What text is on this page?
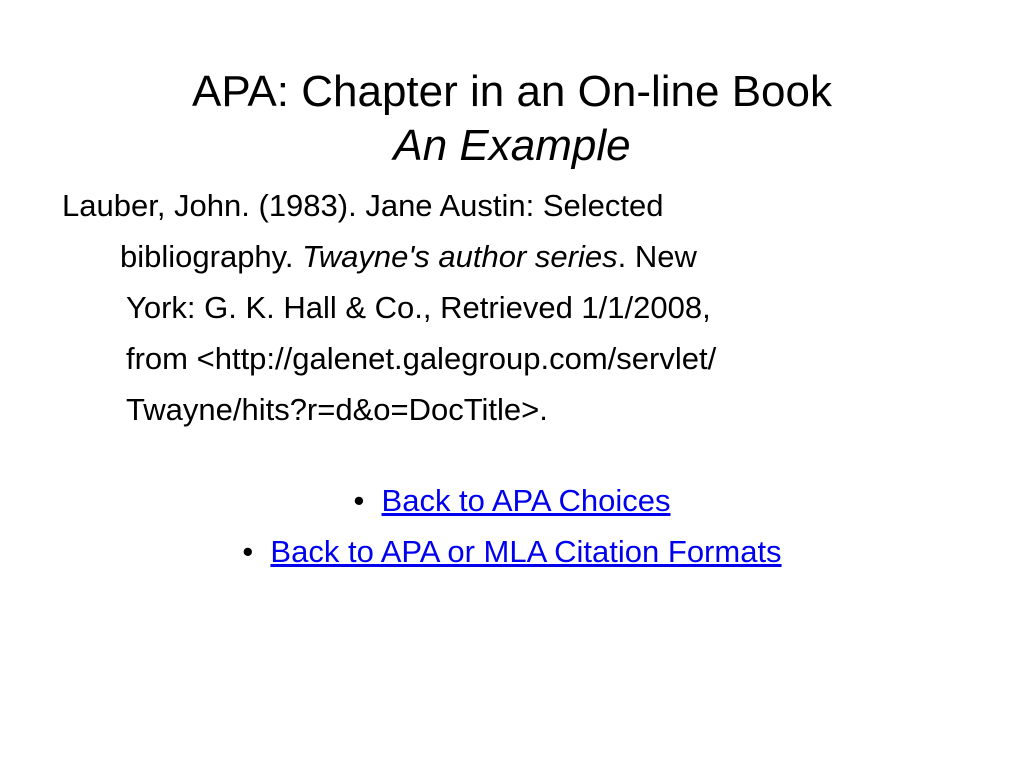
APA: Chapter in an On-line Book
An Example
Lauber, John. (1983). Jane Austin: Selected
bibliography. Twayne's author series. New
York: G. K. Hall & Co., Retrieved 1/1/2008,
from <http://galenet.galegroup.com/servlet/
Twayne/hits?r=d&o=DocTitle>.
• Back to APA Choices
• Back to APA or MLA Citation Formats
